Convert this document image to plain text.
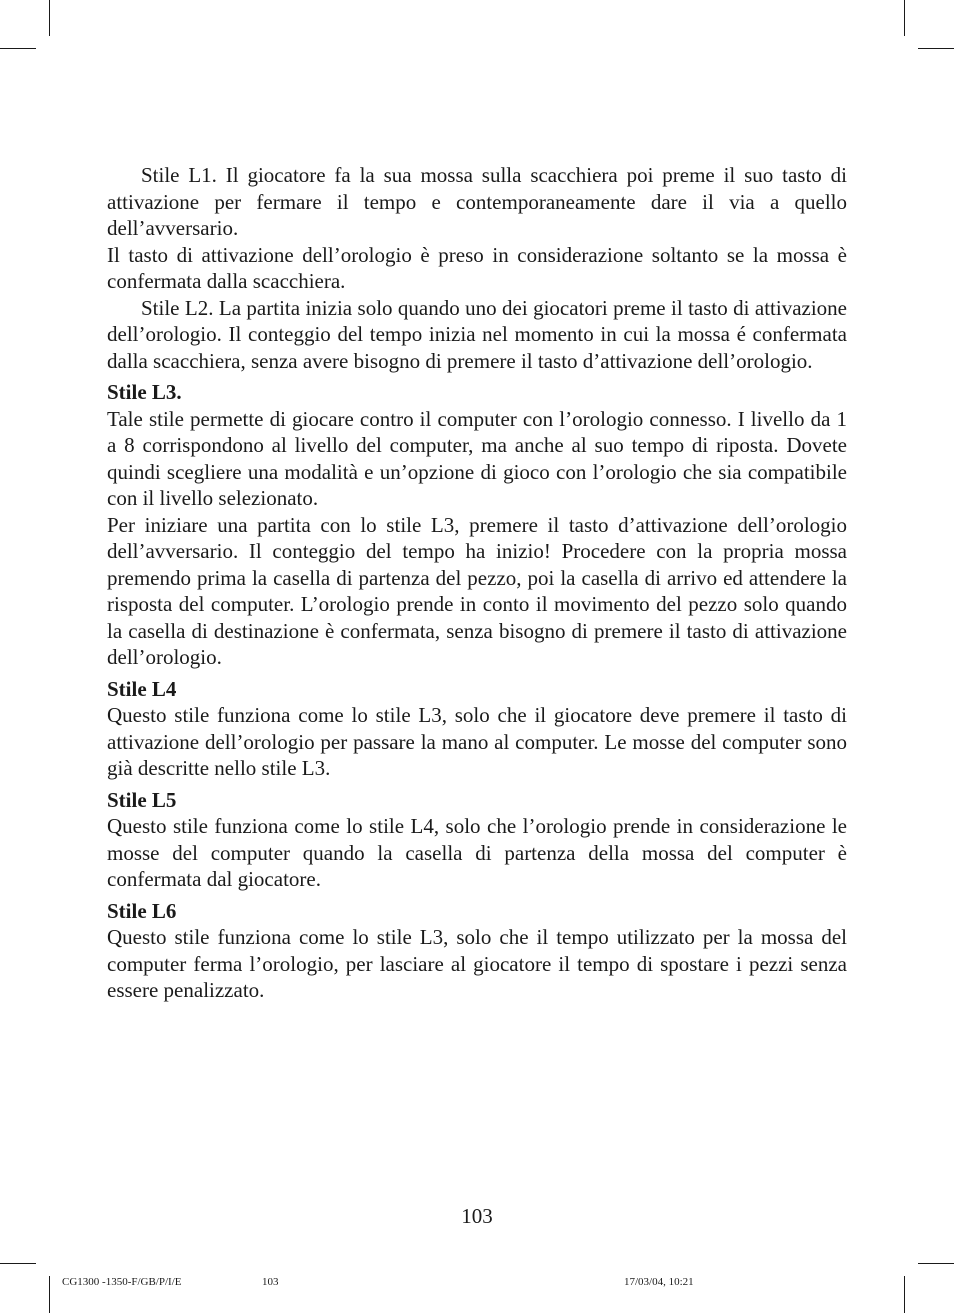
Stile L1. Il giocatore fa la sua mossa sulla scacchiera poi preme il suo tasto di attivazione per fermare il tempo e contemporaneamente dare il via a quello dell’avversario.

Il tasto di attivazione dell’orologio è preso in considerazione soltanto se la mossa è confermata dalla scacchiera.

Stile L2. La partita inizia solo quando uno dei giocatori preme il tasto di attivazione dell’orologio. Il conteggio del tempo inizia nel momento in cui la mossa é confermata dalla scacchiera, senza avere bisogno di premere il tasto d’attivazione dell’orologio.

Stile L3.

Tale stile permette di giocare contro il computer con l’orologio connesso. I livello da 1 a 8 corrispondono al livello del computer, ma anche al suo tempo di riposta. Dovete quindi scegliere una modalità e un’opzione di gioco con l’orologio che sia compatibile con il livello selezionato.

Per iniziare una partita con lo stile L3, premere il tasto d’attivazione dell’orologio dell’avversario. Il conteggio del tempo ha inizio! Procedere con la propria mossa premendo prima la casella di partenza del pezzo, poi la casella di arrivo ed attendere la risposta del computer. L’orologio prende in conto il movimento del pezzo solo quando la casella di destinazione è confermata, senza bisogno di premere il tasto di attivazione dell’orologio.

Stile L4

Questo stile funziona come lo stile L3, solo che il giocatore deve premere il tasto di attivazione dell’orologio per passare la mano al computer. Le mosse del computer sono già descritte nello stile L3.

Stile L5

Questo stile funziona come lo stile L4, solo che l’orologio prende in considerazione le mosse del computer quando la casella di partenza della mossa del computer è confermata dal giocatore.

Stile L6

Questo stile funziona come lo stile L3, solo che il tempo utilizzato per la mossa del computer ferma l’orologio, per lasciare al giocatore il tempo di spostare i pezzi senza essere penalizzato.

103
CG1300 -1350-F/GB/P/I/E	103	17/03/04, 10:21
